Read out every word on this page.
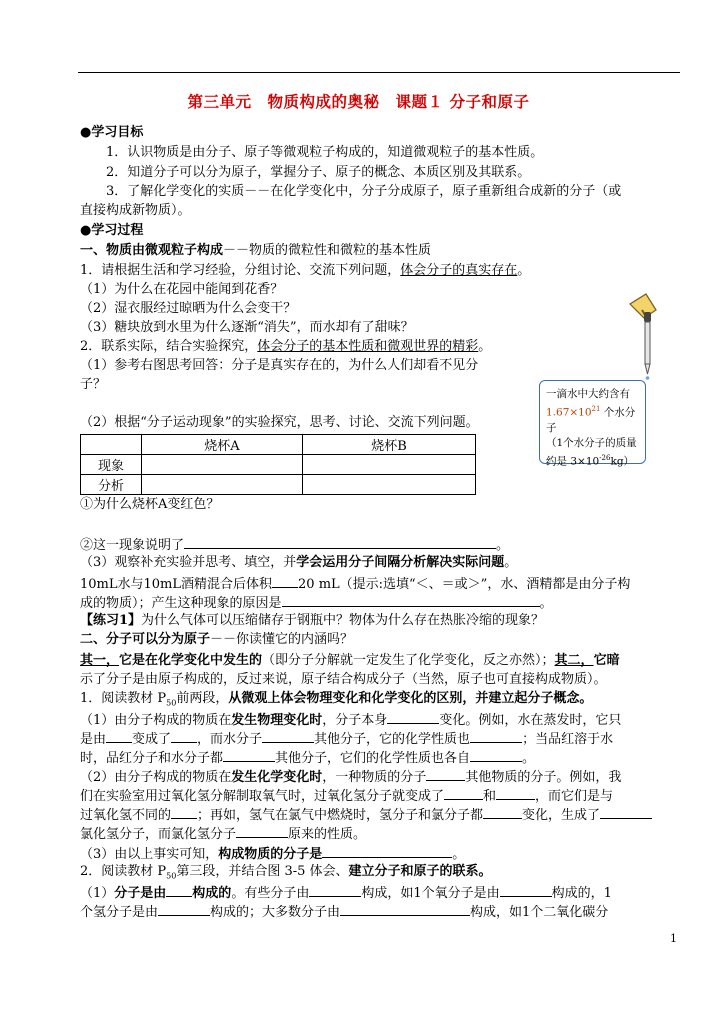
第三单元　物质构成的奥秘　课题１ 分子和原子
●学习目标
1．认识物质是由分子、原子等微观粒子构成的，知道微观粒子的基本性质。
2．知道分子可以分为原子，掌握分子、原子的概念、本质区别及其联系。
3．了解化学变化的实质－－在化学变化中，分子分成原子，原子重新组合成新的分子（或
直接构成新物质）。
●学习过程
一、物质由微观粒子构成－－物质的微粒性和微粒的基本性质
1．请根据生活和学习经验，分组讨论、交流下列问题，体会分子的真实存在。
（1）为什么在花园中能闻到花香？
（2）湿衣服经过晾晒为什么会变干？
（3）糖块放到水里为什么逐渐“消失”，而水却有了甜味？
2．联系实际，结合实验探究，体会分子的基本性质和微观世界的精彩。
（1）参考右图思考回答：分子是真实存在的，为什么人们却看不见分
子？
（2）根据“分子运动现象”的实验探究，思考、讨论、交流下列问题。
	烧杯A	烧杯B
现象		
分析		
①为什么烧杯A变红色？
②这一现象说明了	。
（3）观察补充实验并思考、填空，并学会运用分子间隔分析解决实际问题。
10mL水与10mL酒精混合后体积 20 mL（提示:选填“＜、＝或＞”，水、酒精都是由分子构
成的物质）；产生这种现象的原因是	。
【练习1】为什么气体可以压缩储存于钢瓶中？物体为什么存在热胀冷缩的现象？
二、分子可以分为原子－－你读懂它的内涵吗？
其一，它是在化学变化中发生的（即分子分解就一定发生了化学变化，反之亦然）；其二，它暗
示了分子是由原子构成的，反过来说，原子结合构成分子（当然，原子也可直接构成物质）。
1．阅读教材 $P_{50}$前两段，从微观上体会物理变化和化学变化的区别，并建立起分子概念。
（1）由分子构成的物质在发生物理变化时，分子本身	变化。例如，水在蒸发时，它只
是由 变成了 ，而水分子	其他分子，它的化学性质也	；当品红溶于水
时，品红分子和水分子都	其他分子，它们的化学性质也各自	。
（2）由分子构成的物质在发生化学变化时，一种物质的分子	其他物质的分子。例如，我
们在实验室用过氧化氢分解制取氧气时，过氧化氢分子就变成了	和	，而它们是与
过氧化氢不同的 ；再如，氢气在氯气中燃烧时，氢分子和氯分子都	变化，生成了
氯化氢分子，而氯化氢分子	原来的性质。
（3）由以上事实可知，构成物质的分子是	。
2．阅读教材 $P_{50}$第三段，并结合图 3-5 体会、建立分子和原子的联系。
（1）分子是由 构成的。有些分子由	构成，如1个氧分子是由	构成的，1
个氢分子是由	构成的；大多数分子由	构成，如1个二氧化碳分
一滴水中大约含有
$1.67\times 10^{21}$ 个水分子
（1个水分子的质量
约是 $3\times 10^{-26}kg$）
1
